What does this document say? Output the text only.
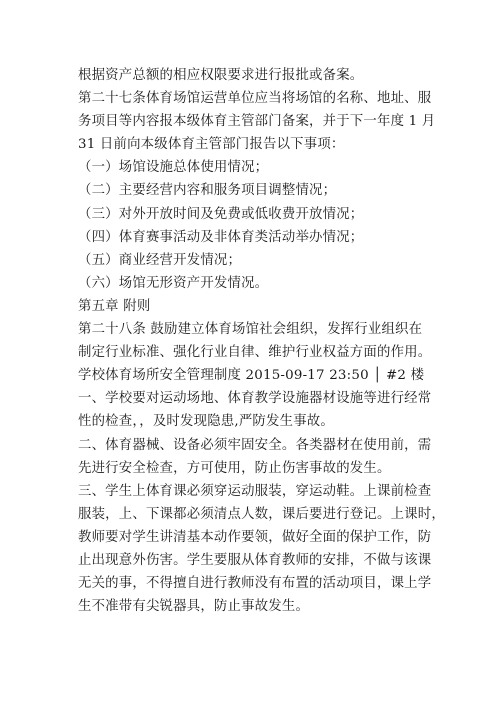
根据资产总额的相应权限要求进行报批或备案。
第二十七条体育场馆运营单位应当将场馆的名称、地址、服
务项目等内容报本级体育主管部门备案，并于下一年度 1 月
31 日前向本级体育主管部门报告以下事项：
（一）场馆设施总体使用情况；
（二）主要经营内容和服务项目调整情况；
（三）对外开放时间及免费或低收费开放情况；
（四）体育赛事活动及非体育类活动举办情况；
（五）商业经营开发情况；
（六）场馆无形资产开发情况。
第五章 附则
第二十八条 鼓励建立体育场馆社会组织，发挥行业组织在
制定行业标准、强化行业自律、维护行业权益方面的作用。
学校体育场所安全管理制度 2015-09-17 23:50 │ #2 楼
一、学校要对运动场地、体育教学设施器材设施等进行经常
性的检查，，及时发现隐患,严防发生事故。
二、体育器械、设备必须牢固安全。各类器材在使用前，需
先进行安全检查，方可使用，防止伤害事故的发生。
三、学生上体育课必须穿运动服装，穿运动鞋。上课前检查
服装，上、下课都必须清点人数，课后要进行登记。上课时，
教师要对学生讲清基本动作要领，做好全面的保护工作，防
止出现意外伤害。学生要服从体育教师的安排，不做与该课
无关的事，不得擅自进行教师没有布置的活动项目，课上学
生不准带有尖锐器具，防止事故发生。
